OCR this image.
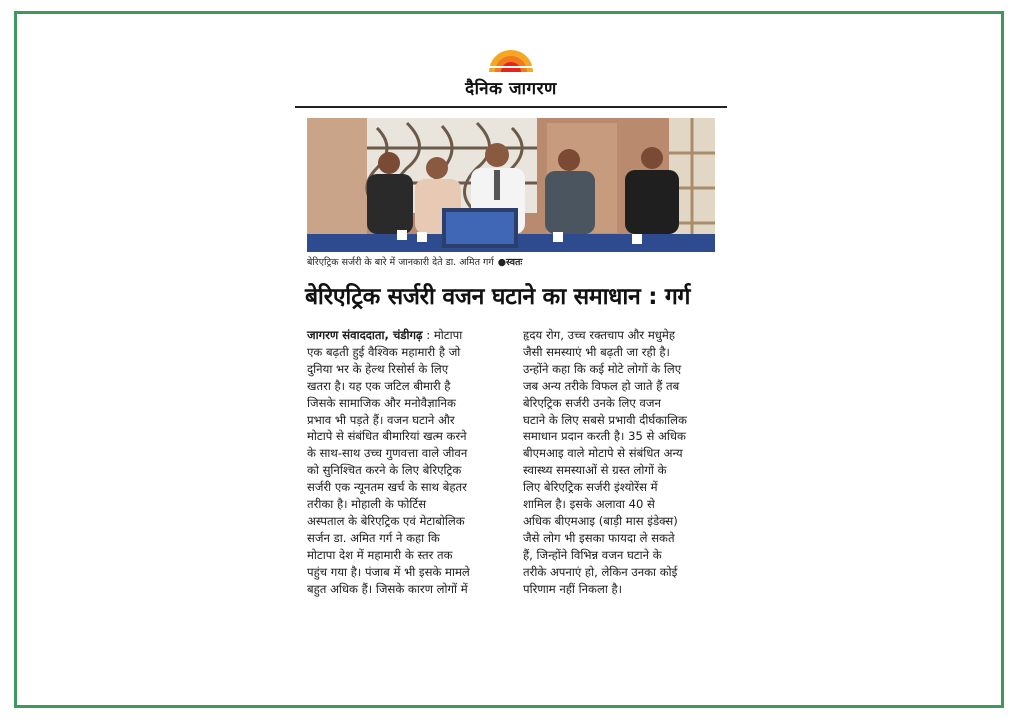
दैनिक जागरण
बेरिएट्रिक सर्जरी के बारे में जानकारी देते डा. अमित गर्ग ●स्वतः
बेरिएट्रिक सर्जरी वजन घटाने का समाधान : गर्ग

जागरण संवाददाता, चंडीगढ़ : मोटापा

एक बढ़ती हुई वैश्विक महामारी है जो

दुनिया भर के हेल्थ रिसोर्स के लिए

खतरा है। यह एक जटिल बीमारी है

जिसके सामाजिक और मनोवैज्ञानिक

प्रभाव भी पड़ते हैं। वजन घटाने और

मोटापे से संबंधित बीमारियां खत्म करने

के साथ-साथ उच्च गुणवत्ता वाले जीवन

को सुनिश्चित करने के लिए बेरिएट्रिक

सर्जरी एक न्यूनतम खर्च के साथ बेहतर

तरीका है। मोहाली के फोर्टिस

अस्पताल के बेरिएट्रिक एवं मेटाबोलिक

सर्जन डा. अमित गर्ग ने कहा कि

मोटापा देश में महामारी के स्तर तक

पहुंच गया है। पंजाब में भी इसके मामले

बहुत अधिक हैं। जिसके कारण लोगों में

हृदय रोग, उच्च रक्तचाप और मधुमेह

जैसी समस्याएं भी बढ़ती जा रही है।

उन्होंने कहा कि कई मोटे लोगों के लिए

जब अन्य तरीके विफल हो जाते हैं तब

बेरिएट्रिक सर्जरी उनके लिए वजन

घटाने के लिए सबसे प्रभावी दीर्घकालिक

समाधान प्रदान करती है। 35 से अधिक

बीएमआइ वाले मोटापे से संबंधित अन्य

स्वास्थ्य समस्याओं से ग्रस्त लोगों के

लिए बेरिएट्रिक सर्जरी इंश्योरेंस में

शामिल है। इसके अलावा 40 से

अधिक बीएमआइ (बाड़ी मास इंडेक्स)

जैसे लोग भी इसका फायदा ले सकते

हैं, जिन्होंने विभिन्न वजन घटाने के

तरीके अपनाएं हो, लेकिन उनका कोई

परिणाम नहीं निकला है।
